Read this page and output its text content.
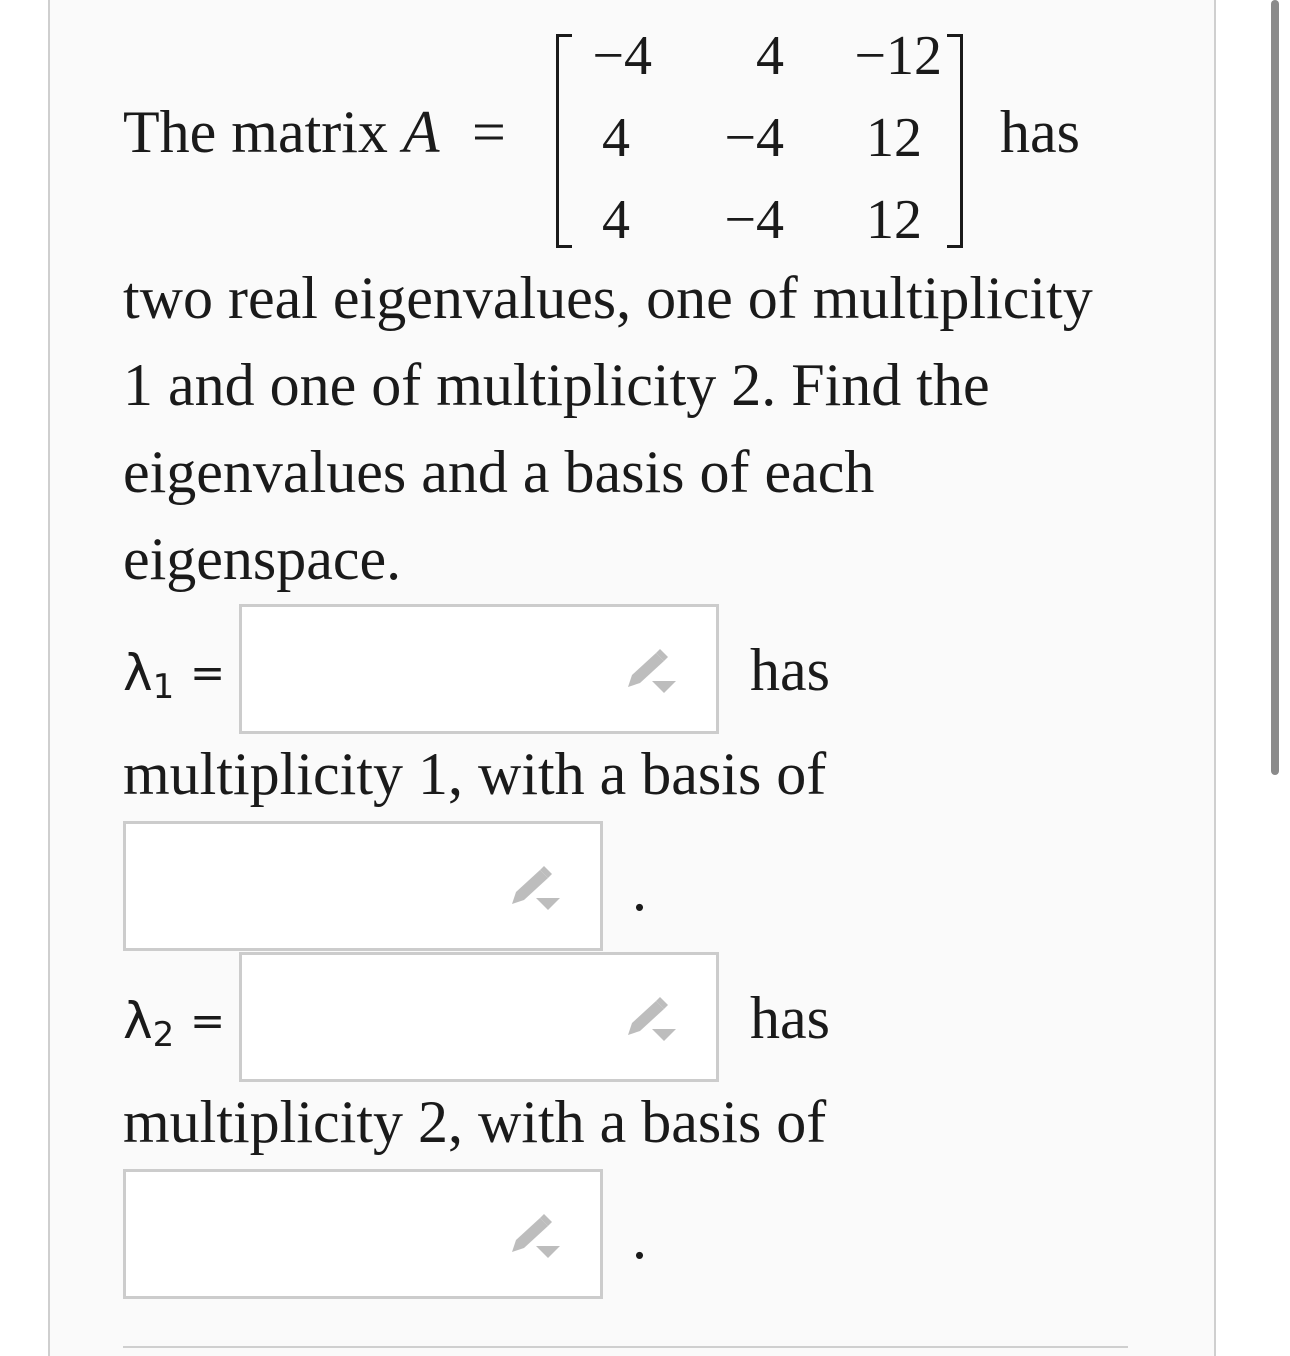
The matrix A =
−4	4	−12
4	−4	12
4	−4	12
has
two real eigenvalues, one of multiplicity
1 and one of multiplicity 2. Find the
eigenvalues and a basis of each
eigenspace.
$\lambda_1$ =	has
multiplicity 1, with a basis of
.
$\lambda_2$ =	has
multiplicity 2, with a basis of
.
